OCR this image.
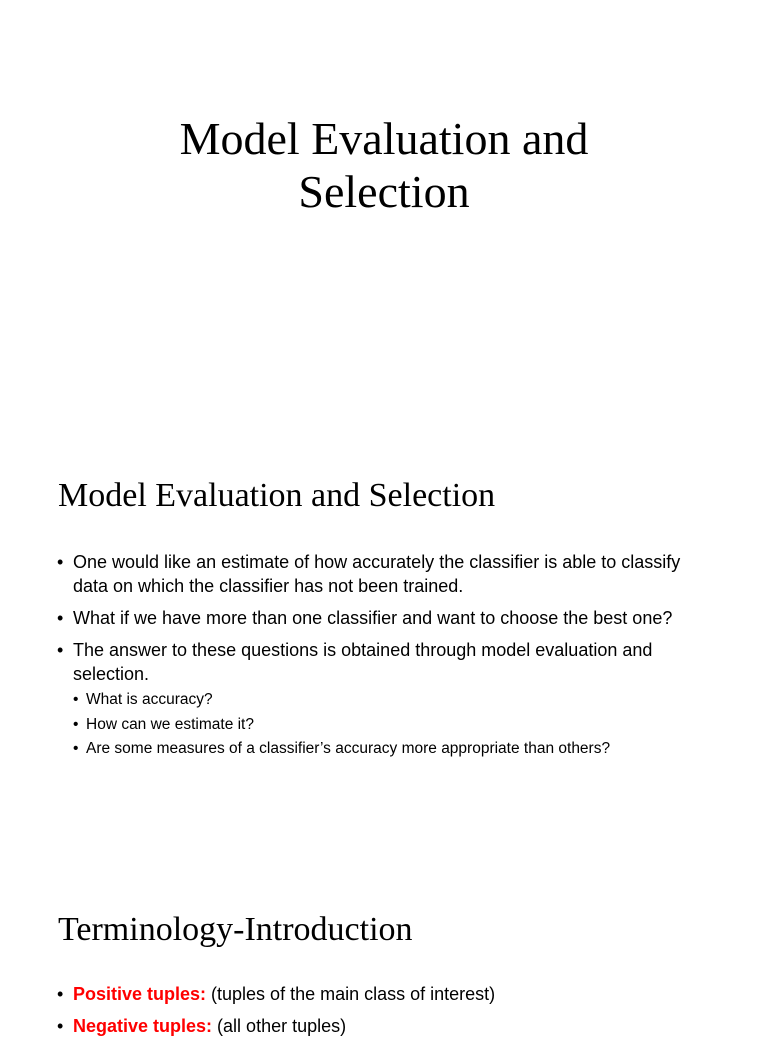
Model Evaluation and
Selection
Model Evaluation and Selection
• One would like an estimate of how accurately the classifier is able to classify data on which the classifier has not been trained.
• What if we have more than one classifier and want to choose the best one?
• The answer to these questions is obtained through model evaluation and selection.
• What is accuracy?
• How can we estimate it?
• Are some measures of a classifier’s accuracy more appropriate than others?
Terminology-Introduction
• Positive tuples: (tuples of the main class of interest)
• Negative tuples: (all other tuples)
